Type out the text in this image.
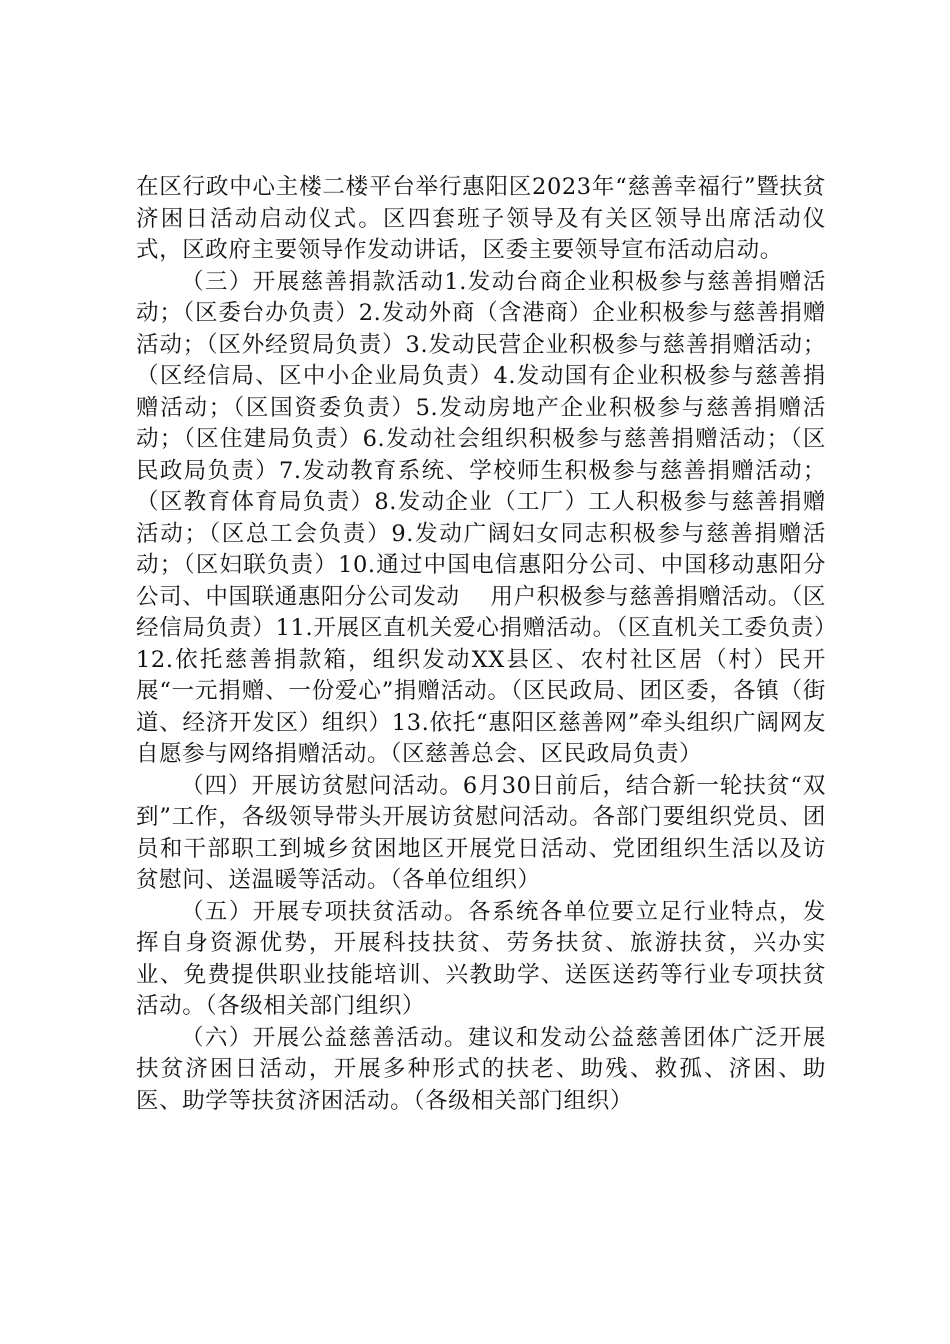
在区行政中心主楼二楼平台举行惠阳区2023年“慈善幸福行”暨扶贫济困日活动启动仪式。区四套班子领导及有关区领导出席活动仪式，区政府主要领导作发动讲话，区委主要领导宣布活动启动。

（三）开展慈善捐款活动1.发动台商企业积极参与慈善捐赠活动；（区委台办负责）2.发动外商（含港商）企业积极参与慈善捐赠活动；（区外经贸局负责）3.发动民营企业积极参与慈善捐赠活动；（区经信局、区中小企业局负责）4.发动国有企业积极参与慈善捐赠活动；（区国资委负责）5.发动房地产企业积极参与慈善捐赠活动；（区住建局负责）6.发动社会组织积极参与慈善捐赠活动；（区民政局负责）7.发动教育系统、学校师生积极参与慈善捐赠活动；（区教育体育局负责）8.发动企业（工厂）工人积极参与慈善捐赠活动；（区总工会负责）9.发动广阔妇女同志积极参与慈善捐赠活动；（区妇联负责）10.通过中国电信惠阳分公司、中国移动惠阳分公司、中国联通惠阳分公司发动　 用户积极参与慈善捐赠活动。（区经信局负责）11.开展区直机关爱心捐赠活动。（区直机关工委负责）12.依托慈善捐款箱，组织发动XX县区、农村社区居（村）民开展“一元捐赠、一份爱心”捐赠活动。（区民政局、团区委，各镇（街道、经济开发区）组织）13.依托“惠阳区慈善网”牵头组织广阔网友自愿参与网络捐赠活动。（区慈善总会、区民政局负责）

（四）开展访贫慰问活动。6月30日前后，结合新一轮扶贫“双到”工作，各级领导带头开展访贫慰问活动。各部门要组织党员、团员和干部职工到城乡贫困地区开展党日活动、党团组织生活以及访贫慰问、送温暖等活动。（各单位组织）

（五）开展专项扶贫活动。各系统各单位要立足行业特点，发挥自身资源优势，开展科技扶贫、劳务扶贫、旅游扶贫，兴办实业、免费提供职业技能培训、兴教助学、送医送药等行业专项扶贫活动。（各级相关部门组织）

（六）开展公益慈善活动。建议和发动公益慈善团体广泛开展扶贫济困日活动，开展多种形式的扶老、助残、救孤、济困、助医、助学等扶贫济困活动。（各级相关部门组织）
